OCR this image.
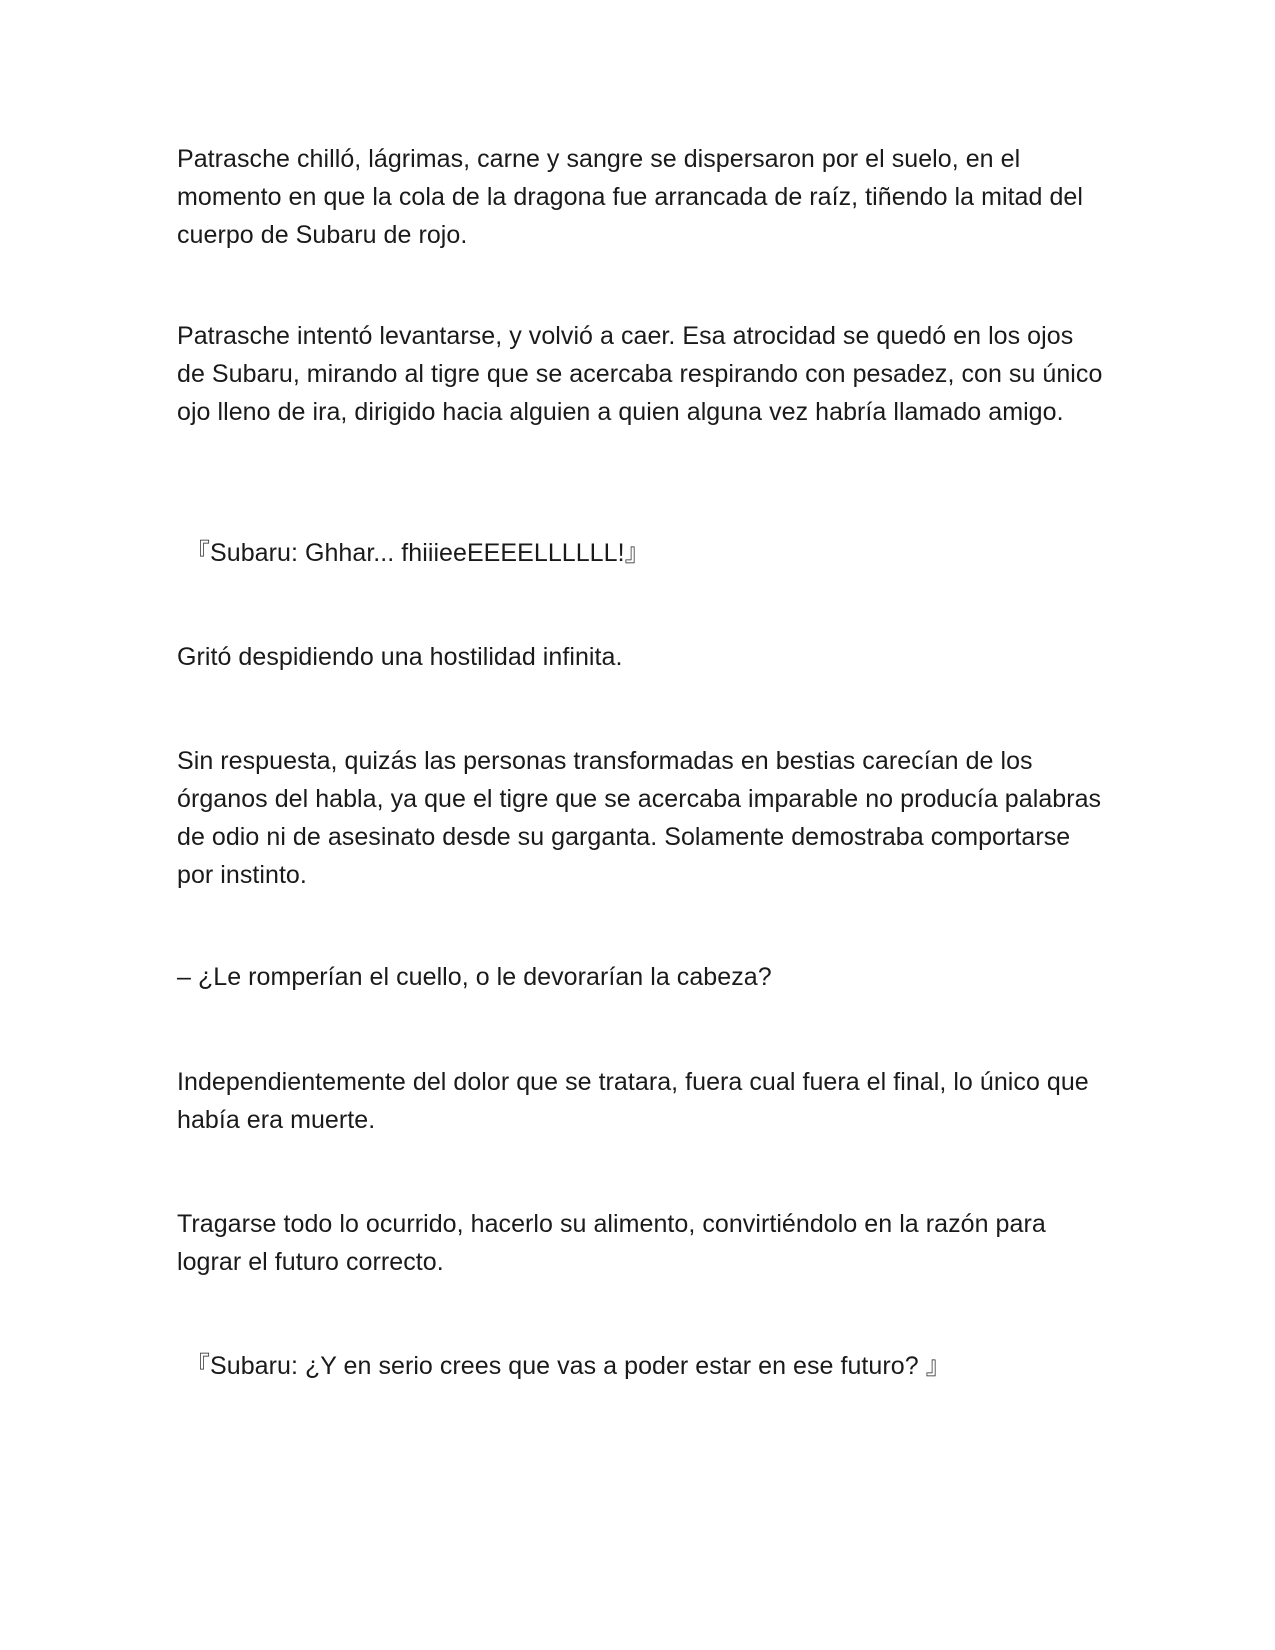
Patrasche chilló, lágrimas, carne y sangre se dispersaron por el suelo, en el momento en que la cola de la dragona fue arrancada de raíz, tiñendo la mitad del cuerpo de Subaru de rojo.

Patrasche intentó levantarse, y volvió a caer. Esa atrocidad se quedó en los ojos de Subaru, mirando al tigre que se acercaba respirando con pesadez, con su único ojo lleno de ira, dirigido hacia alguien a quien alguna vez habría llamado amigo.

『Subaru: Ghhar... fhiiieeEEEELLLLLL!』

Gritó despidiendo una hostilidad infinita.

Sin respuesta, quizás las personas transformadas en bestias carecían de los órganos del habla, ya que el tigre que se acercaba imparable no producía palabras de odio ni de asesinato desde su garganta. Solamente demostraba comportarse por instinto.

– ¿Le romperían el cuello, o le devorarían la cabeza?

Independientemente del dolor que se tratara, fuera cual fuera el final, lo único que había era muerte.

Tragarse todo lo ocurrido, hacerlo su alimento, convirtiéndolo en la razón para lograr el futuro correcto.

『Subaru: ¿Y en serio crees que vas a poder estar en ese futuro? 』
